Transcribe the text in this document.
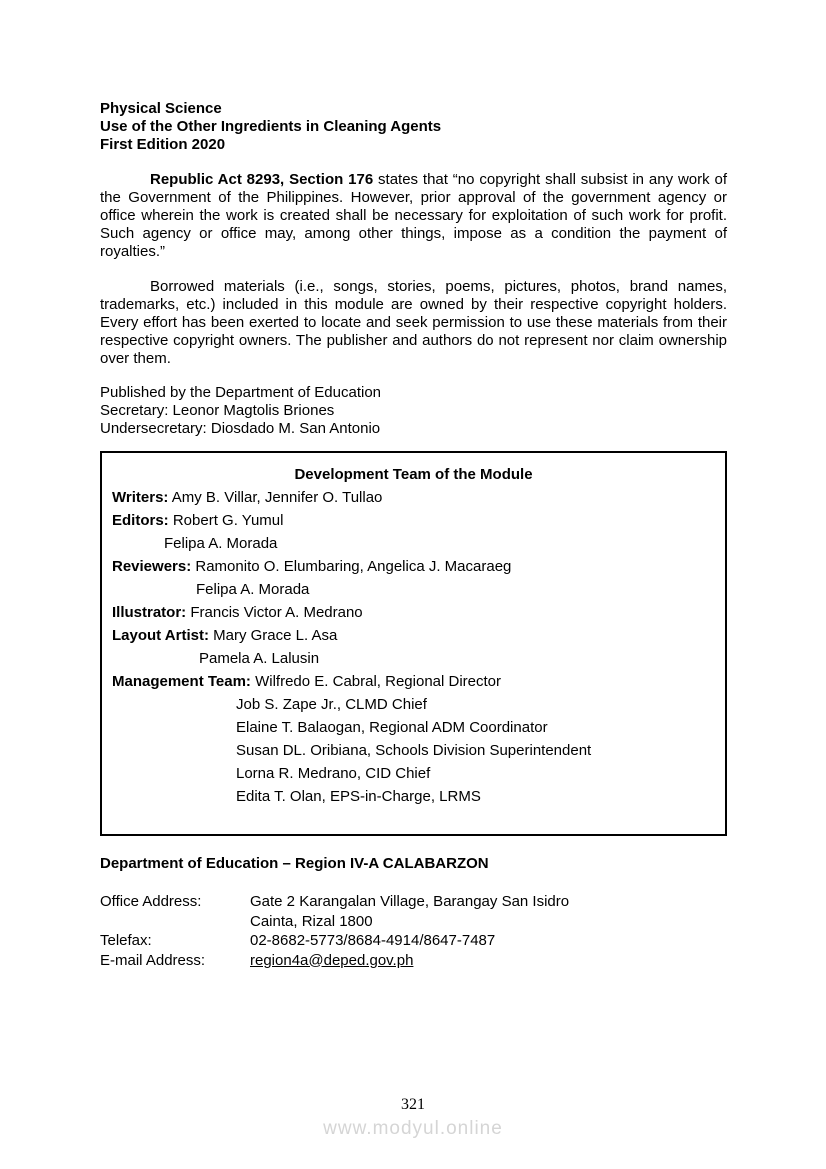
Physical Science
Use of the Other Ingredients in Cleaning Agents
First Edition 2020

Republic Act 8293, Section 176 states that “no copyright shall subsist in any work of the Government of the Philippines. However, prior approval of the government agency or office wherein the work is created shall be necessary for exploitation of such work for profit. Such agency or office may, among other things, impose as a condition the payment of royalties.”

Borrowed materials (i.e., songs, stories, poems, pictures, photos, brand names, trademarks, etc.) included in this module are owned by their respective copyright holders. Every effort has been exerted to locate and seek permission to use these materials from their respective copyright owners. The publisher and authors do not represent nor claim ownership over them.

Published by the Department of Education
Secretary: Leonor Magtolis Briones
Undersecretary: Diosdado M. San Antonio
Development Team of the Module
Writers: Amy B. Villar, Jennifer O. Tullao
Editors: Robert G. Yumul
Felipa A. Morada
Reviewers: Ramonito O. Elumbaring, Angelica J. Macaraeg
Felipa A. Morada
Illustrator: Francis Victor A. Medrano
Layout Artist: Mary Grace L. Asa
Pamela A. Lalusin
Management Team: Wilfredo E. Cabral, Regional Director
Job S. Zape Jr., CLMD Chief
Elaine T. Balaogan, Regional ADM Coordinator
Susan DL. Oribiana, Schools Division Superintendent
Lorna R. Medrano, CID Chief
Edita T. Olan, EPS-in-Charge, LRMS
Department of Education – Region IV-A CALABARZON
Office Address:	Gate 2 Karangalan Village, Barangay San Isidro
Cainta, Rizal 1800
Telefax:	02-8682-5773/8684-4914/8647-7487
E-mail Address:	region4a@deped.gov.ph
321
www.modyul.online
